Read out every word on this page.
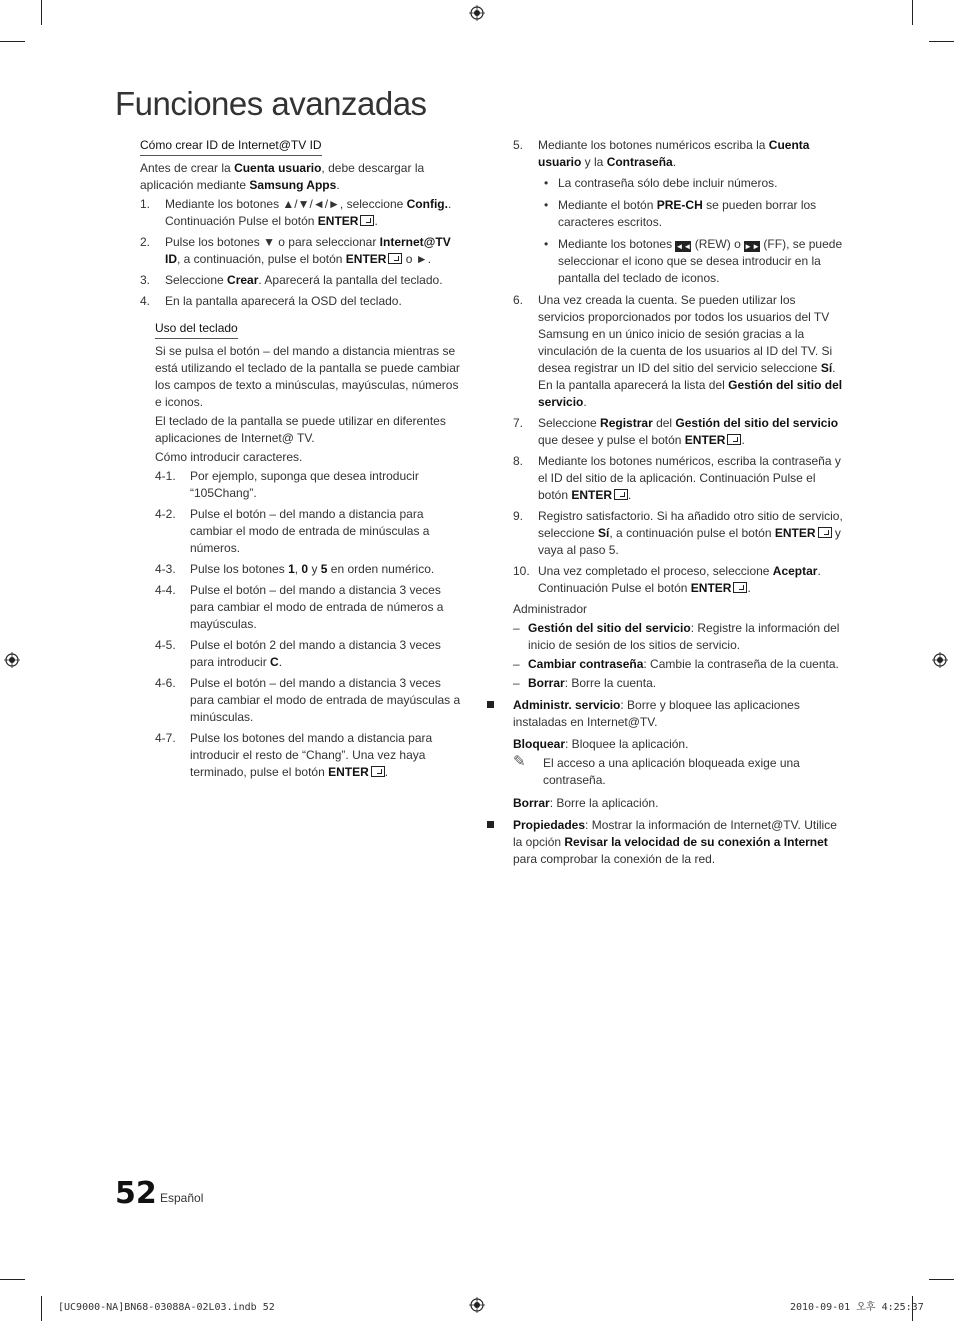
Funciones avanzadas
Cómo crear ID de Internet@TV ID

Antes de crear la Cuenta usuario, debe descargar la aplicación mediante Samsung Apps.

1. Mediante los botones ▲/▼/◄/►, seleccione Config.. Continuación Pulse el botón ENTER .
2. Pulse los botones ▼ o para seleccionar Internet@TV ID, a continuación, pulse el botón ENTER o ►.
3. Seleccione Crear. Aparecerá la pantalla del teclado.
4. En la pantalla aparecerá la OSD del teclado.
Uso del teclado

Si se pulsa el botón – del mando a distancia mientras se está utilizando el teclado de la pantalla se puede cambiar los campos de texto a minúsculas, mayúsculas, números e iconos.

El teclado de la pantalla se puede utilizar en diferentes aplicaciones de Internet@ TV.

Cómo introducir caracteres.

4-1. Por ejemplo, suponga que desea introducir “105Chang”.
4-2. Pulse el botón – del mando a distancia para cambiar el modo de entrada de minúsculas a números.
4-3. Pulse los botones 1, 0 y 5 en orden numérico.
4-4. Pulse el botón – del mando a distancia 3 veces para cambiar el modo de entrada de números a mayúsculas.
4-5. Pulse el botón 2 del mando a distancia 3 veces para introducir C.
4-6. Pulse el botón – del mando a distancia 3 veces para cambiar el modo de entrada de mayúsculas a minúsculas.
4-7. Pulse los botones del mando a distancia para introducir el resto de “Chang”. Una vez haya terminado, pulse el botón ENTER .
5. Mediante los botones numéricos escriba la Cuenta usuario y la Contraseña.
• La contraseña sólo debe incluir números.
• Mediante el botón PRE-CH se pueden borrar los caracteres escritos.
• Mediante los botones ◄◄ (REW) o ►► (FF), se puede seleccionar el icono que se desea introducir en la pantalla del teclado de iconos.
6. Una vez creada la cuenta. Se pueden utilizar los servicios proporcionados por todos los usuarios del TV Samsung en un único inicio de sesión gracias a la vinculación de la cuenta de los usuarios al ID del TV. Si desea registrar un ID del sitio del servicio seleccione Sí. En la pantalla aparecerá la lista del Gestión del sitio del servicio.
7. Seleccione Registrar del Gestión del sitio del servicio que desee y pulse el botón ENTER .
8. Mediante los botones numéricos, escriba la contraseña y el ID del sitio de la aplicación. Continuación Pulse el botón ENTER .
9. Registro satisfactorio. Si ha añadido otro sitio de servicio, seleccione Sí, a continuación pulse el botón ENTER y vaya al paso 5.
10. Una vez completado el proceso, seleccione Aceptar. Continuación Pulse el botón ENTER .

Administrador

– Gestión del sitio del servicio: Registre la información del inicio de sesión de los sitios de servicio.
– Cambiar contraseña: Cambie la contraseña de la cuenta.
– Borrar: Borre la cuenta.
Administr. servicio: Borre y bloquee las aplicaciones instaladas en Internet@TV.

Bloquear: Bloquee la aplicación.

✎ El acceso a una aplicación bloqueada exige una contraseña.

Borrar: Borre la aplicación.

Propiedades: Mostrar la información de Internet@TV. Utilice la opción Revisar la velocidad de su conexión a Internet para comprobar la conexión de la red.
52 Español
[UC9000-NA]BN68-03088A-02L03.indb 52	2010-09-01 오후 4:25:37
